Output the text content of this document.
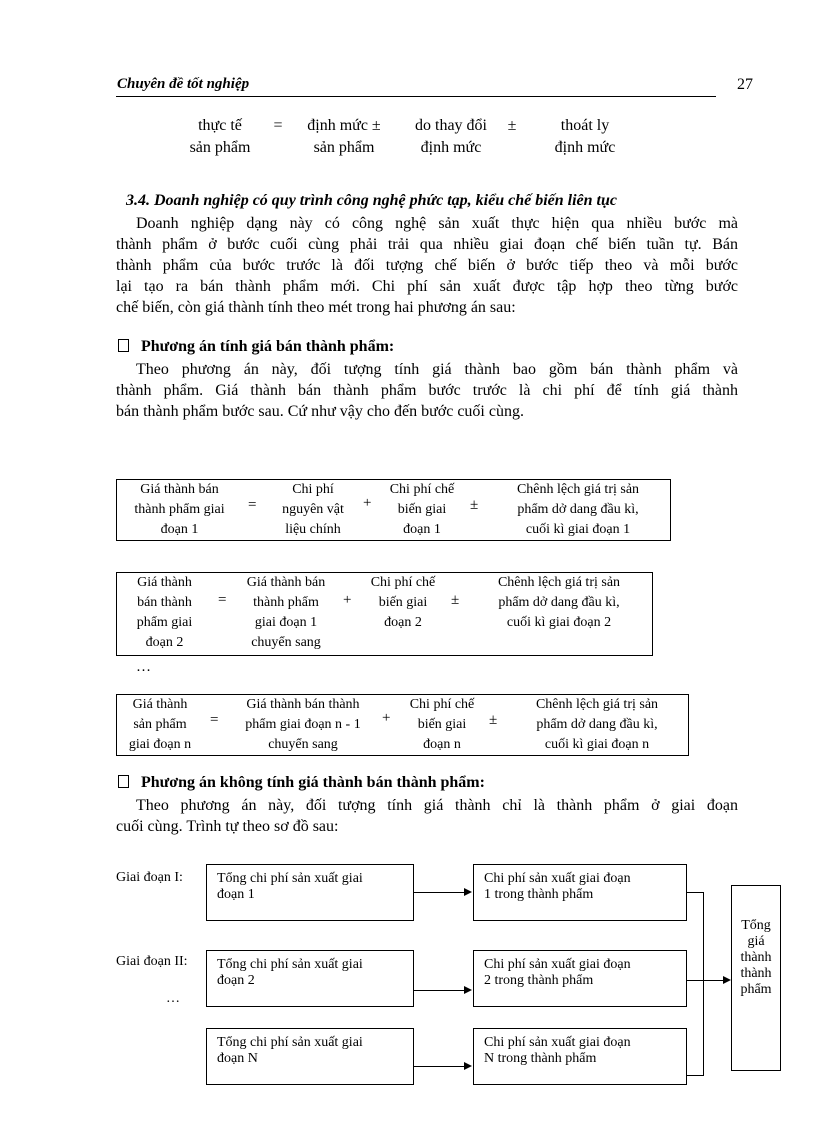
Chuyên đề tốt nghiệp	27
thực tế
sản phẩm
=	định mức ±
sản phẩm
do thay đổi
định mức
±	thoát ly
định mức
3.4. Doanh nghiệp có quy trình công nghệ phức tạp, kiểu chế biến liên tục
Doanh nghiệp dạng này có công nghệ sản xuất thực hiện qua nhiều bước mà
thành phẩm ở bước cuối cùng phải trải qua nhiều giai đoạn chế biến tuần tự. Bán
thành phẩm của bước trước là đối tượng chế biến ở bước tiếp theo và mỗi bước
lại tạo ra bán thành phẩm mới. Chi phí sản xuất được tập hợp theo từng bước
chế biến, còn giá thành tính theo mét trong hai phương án sau:
Phương án tính giá bán thành phẩm:
Theo phương án này, đối tượng tính giá thành bao gồm bán thành phẩm và
thành phẩm. Giá thành bán thành phẩm bước trước là chi phí để tính giá thành
bán thành phẩm bước sau. Cứ như vậy cho đến bước cuối cùng.
Giá thành bán
thành phẩm giai
đoạn 1
=
Chi phí
nguyên vật
liệu chính
+
Chi phí chế
biến giai
đoạn 1
±
Chênh lệch giá trị sản
phẩm dở dang đầu kì,
cuối kì giai đoạn 1
Giá thành
bán thành
phẩm giai
đoạn 2
=
Giá thành bán
thành phẩm
giai đoạn 1
chuyển sang
+
Chi phí chế
biến giai
đoạn 2
±
Chênh lệch giá trị sản
phẩm dở dang đầu kì,
cuối kì giai đoạn 2
…
Giá thành
sản phẩm
giai đoạn n
=
Giá thành bán thành
phẩm giai đoạn n - 1
chuyển sang
+
Chi phí chế
biến giai
đoạn n
±
Chênh lệch giá trị sản
phẩm dở dang đầu kì,
cuối kì giai đoạn n
Phương án không tính giá thành bán thành phẩm:
Theo phương án này, đối tượng tính giá thành chỉ là thành phẩm ở giai đoạn
cuối cùng. Trình tự theo sơ đồ sau:
Giai đoạn I:
Giai đoạn II:
…
Tổng chi phí sản xuất giai
đoạn 1
Tổng chi phí sản xuất giai
đoạn 2
Tổng chi phí sản xuất giai
đoạn N
Chi phí sản xuất giai đoạn
1 trong thành phẩm
Chi phí sản xuất giai đoạn
2 trong thành phẩm
Chi phí sản xuất giai đoạn
N trong thành phẩm
Tổng
giá
thành
thành
phẩm
